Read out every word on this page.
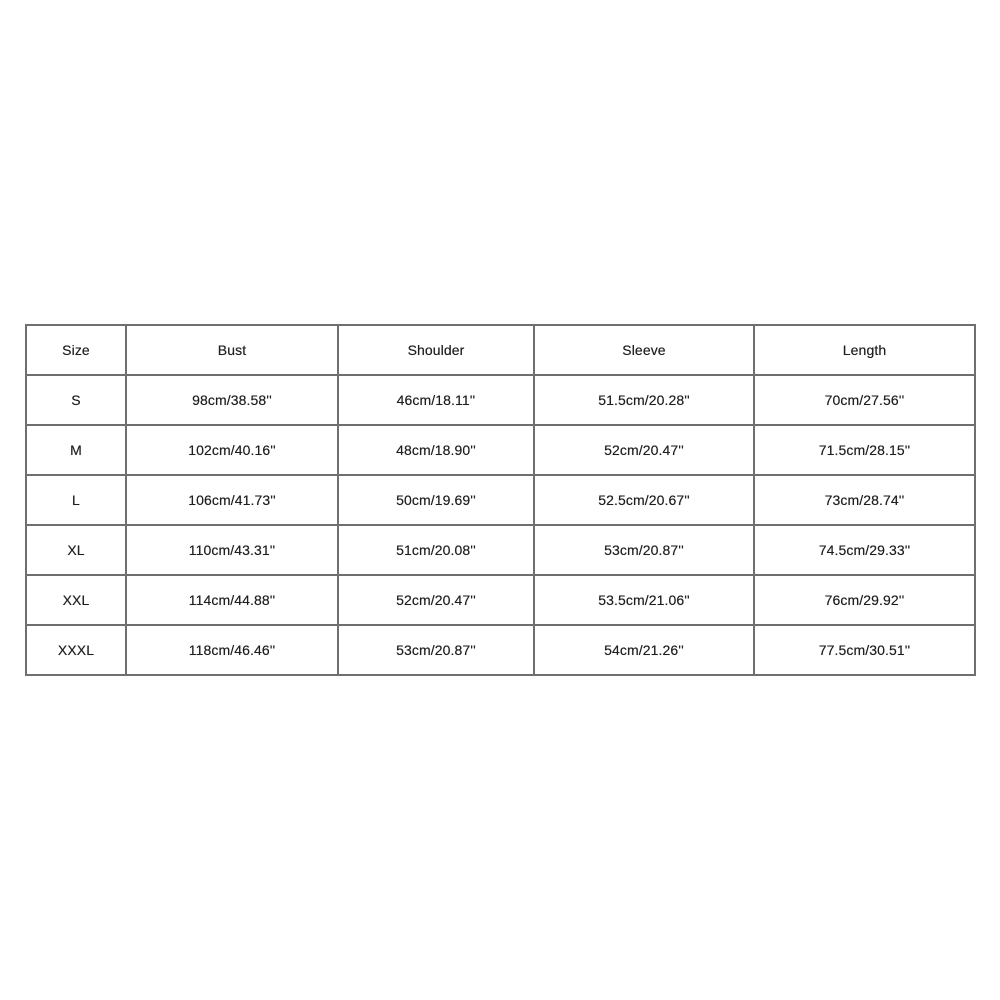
Size	Bust	Shoulder	Sleeve	Length
S	98cm/38.58''	46cm/18.11''	51.5cm/20.28''	70cm/27.56''
M	102cm/40.16''	48cm/18.90''	52cm/20.47''	71.5cm/28.15''
L	106cm/41.73''	50cm/19.69''	52.5cm/20.67''	73cm/28.74''
XL	110cm/43.31''	51cm/20.08''	53cm/20.87''	74.5cm/29.33''
XXL	114cm/44.88''	52cm/20.47''	53.5cm/21.06''	76cm/29.92''
XXXL	118cm/46.46''	53cm/20.87''	54cm/21.26''	77.5cm/30.51''
